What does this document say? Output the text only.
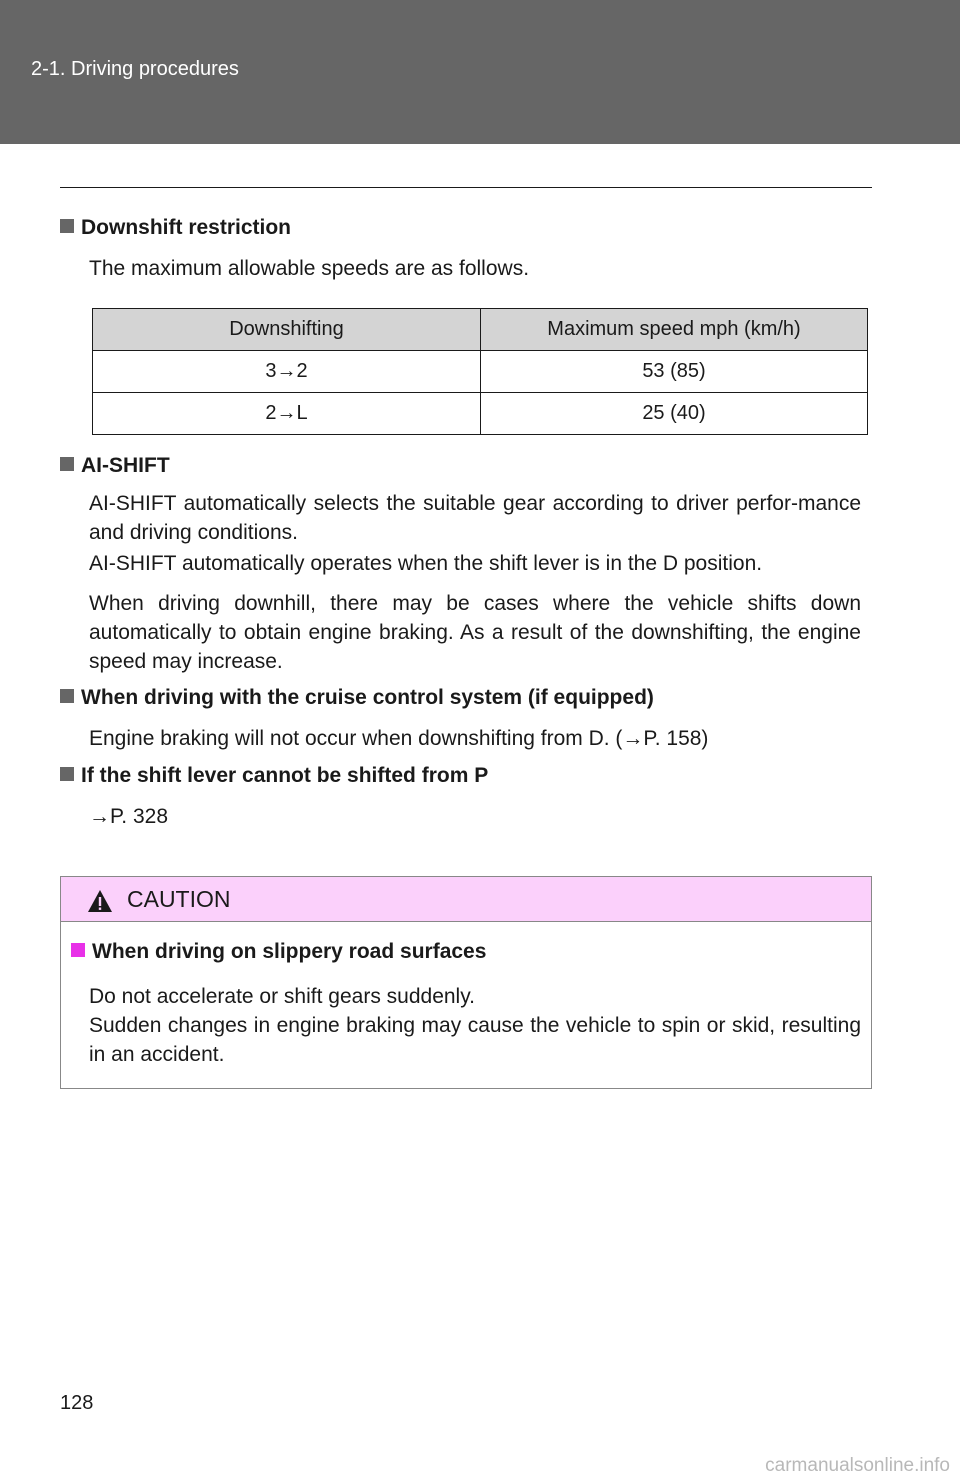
2-1. Driving procedures
Downshift restriction
The maximum allowable speeds are as follows.
Downshifting	Maximum speed mph (km/h)
3→2	53 (85)
2→L	25 (40)
AI-SHIFT
AI-SHIFT automatically selects the suitable gear according to driver perfor-mance and driving conditions.
AI-SHIFT automatically operates when the shift lever is in the D position.
When driving downhill, there may be cases where the vehicle shifts down automatically to obtain engine braking. As a result of the downshifting, the engine speed may increase.
When driving with the cruise control system (if equipped)
Engine braking will not occur when downshifting from D. (→P. 158)
If the shift lever cannot be shifted from P
→P. 328
CAUTION
When driving on slippery road surfaces
Do not accelerate or shift gears suddenly.
Sudden changes in engine braking may cause the vehicle to spin or skid, resulting in an accident.
128
carmanualsonline.info
